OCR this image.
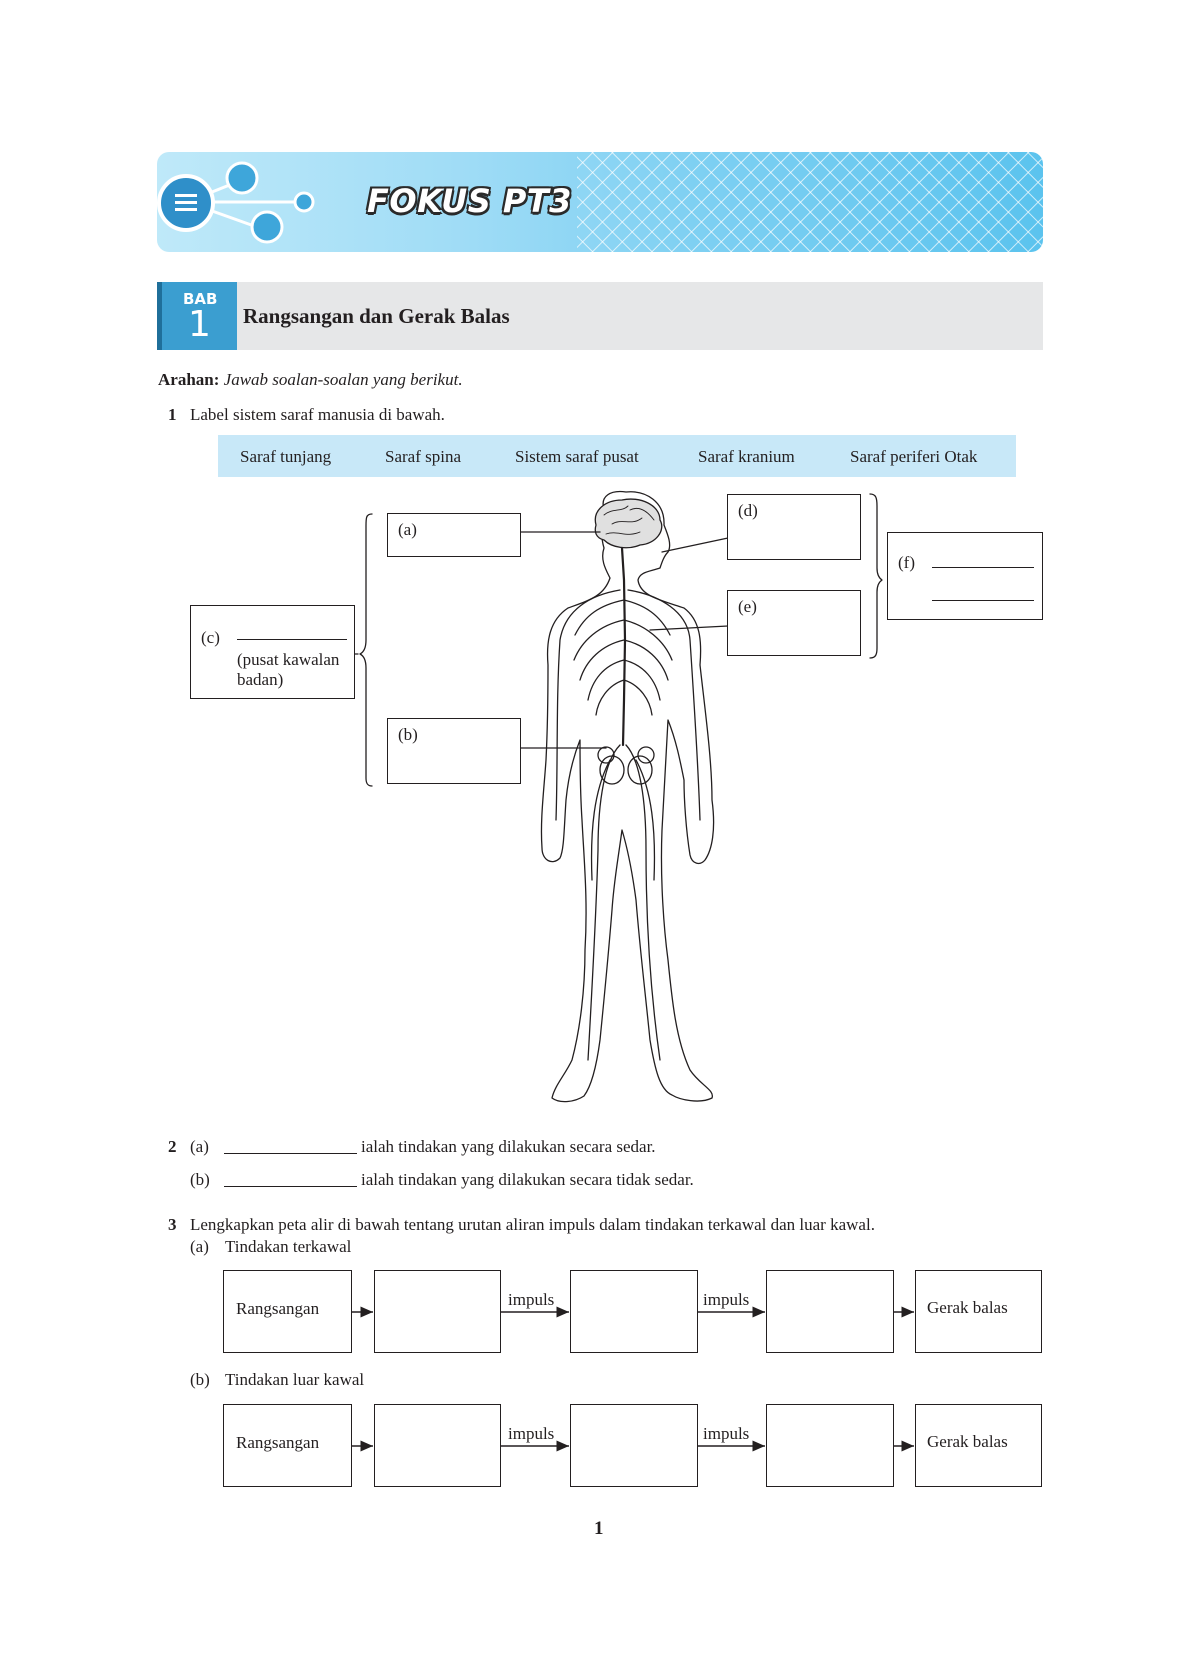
FOKUS PT3
BAB
1 Rangsangan dan Gerak Balas
Arahan: Jawab soalan-soalan yang berikut.
1 Label sistem saraf manusia di bawah.
Saraf tunjang	Saraf spina	Sistem saraf pusat	Saraf kranium	Saraf periferi Otak
(a)
(b)
(c)
(pusat kawalan
badan)
(d)
(e)
(f)
2 (a)	ialah tindakan yang dilakukan secara sedar.
(b)	ialah tindakan yang dilakukan secara tidak sedar.
3 Lengkapkan peta alir di bawah tentang urutan aliran impuls dalam tindakan terkawal dan luar kawal.
(a) Tindakan terkawal
Rangsangan	Gerak balas
impuls	impuls
(b) Tindakan luar kawal
Rangsangan	Gerak balas
impuls	impuls
1
